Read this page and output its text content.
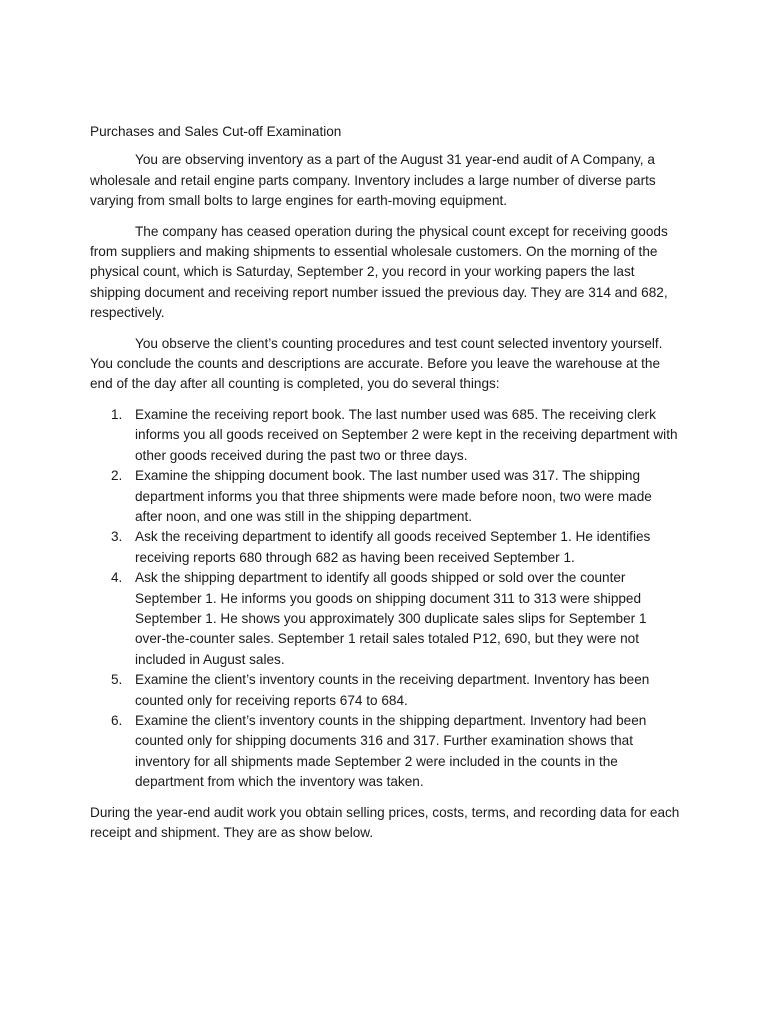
Purchases and Sales Cut-off Examination

You are observing inventory as a part of the August 31 year-end audit of A Company, a wholesale and retail engine parts company. Inventory includes a large number of diverse parts varying from small bolts to large engines for earth-moving equipment.

The company has ceased operation during the physical count except for receiving goods from suppliers and making shipments to essential wholesale customers. On the morning of the physical count, which is Saturday, September 2, you record in your working papers the last shipping document and receiving report number issued the previous day. They are 314 and 682, respectively.

You observe the client’s counting procedures and test count selected inventory yourself. You conclude the counts and descriptions are accurate. Before you leave the warehouse at the end of the day after all counting is completed, you do several things:

1. Examine the receiving report book. The last number used was 685. The receiving clerk informs you all goods received on September 2 were kept in the receiving department with other goods received during the past two or three days.
2. Examine the shipping document book. The last number used was 317. The shipping department informs you that three shipments were made before noon, two were made after noon, and one was still in the shipping department.
3. Ask the receiving department to identify all goods received September 1. He identifies receiving reports 680 through 682 as having been received September 1.
4. Ask the shipping department to identify all goods shipped or sold over the counter September 1. He informs you goods on shipping document 311 to 313 were shipped September 1. He shows you approximately 300 duplicate sales slips for September 1 over-the-counter sales. September 1 retail sales totaled P12, 690, but they were not included in August sales.
5. Examine the client’s inventory counts in the receiving department. Inventory has been counted only for receiving reports 674 to 684.
6. Examine the client’s inventory counts in the shipping department. Inventory had been counted only for shipping documents 316 and 317. Further examination shows that inventory for all shipments made September 2 were included in the counts in the department from which the inventory was taken.

During the year-end audit work you obtain selling prices, costs, terms, and recording data for each receipt and shipment. They are as show below.
